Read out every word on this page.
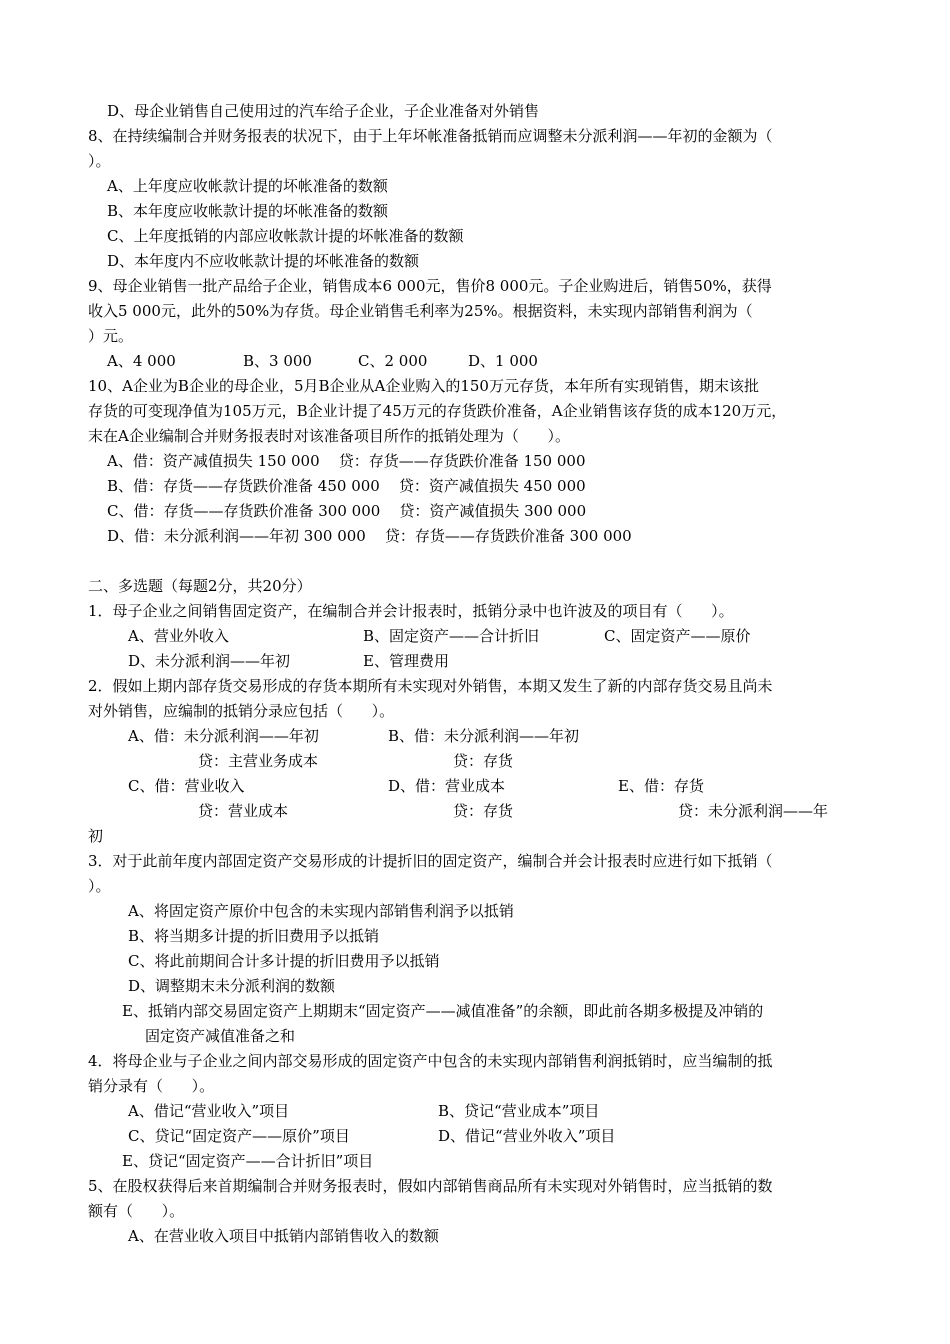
D、母企业销售自己使用过的汽车给子企业，子企业准备对外销售
8、在持续编制合并财务报表的状况下，由于上年坏帐准备抵销而应调整未分派利润——年初的金额为（
）。
A、上年度应收帐款计提的坏帐准备的数额
B、本年度应收帐款计提的坏帐准备的数额
C、上年度抵销的内部应收帐款计提的坏帐准备的数额
D、本年度内不应收帐款计提的坏帐准备的数额
9、母企业销售一批产品给子企业，销售成本6 000元，售价8 000元。子企业购进后，销售50%，获得
收入5 000元，此外的50%为存货。母企业销售毛利率为25%。根据资料，未实现内部销售利润为（
）元。
A、4 000	B、3 000	C、2 000	D、1 000
10、A企业为B企业的母企业，5月B企业从A企业购入的150万元存货，本年所有实现销售，期末该批
存货的可变现净值为105万元，B企业计提了45万元的存货跌价准备，A企业销售该存货的成本120万元，
末在A企业编制合并财务报表时对该准备项目所作的抵销处理为（      ）。
A、借：资产减值损失 150 000    贷：存货——存货跌价准备 150 000
B、借：存货——存货跌价准备 450 000    贷：资产减值损失 450 000
C、借：存货——存货跌价准备 300 000    贷：资产减值损失 300 000
D、借：未分派利润——年初 300 000    贷：存货——存货跌价准备 300 000
二、多选题（每题2分，共20分）
1．母子企业之间销售固定资产，在编制合并会计报表时，抵销分录中也许波及的项目有（      ）。
A、营业外收入	B、固定资产——合计折旧	C、固定资产——原价
D、未分派利润——年初	E、管理费用
2．假如上期内部存货交易形成的存货本期所有未实现对外销售，本期又发生了新的内部存货交易且尚未
对外销售，应编制的抵销分录应包括（      ）。
A、借：未分派利润——年初	B、借：未分派利润——年初
贷：主营业务成本	贷：存货
C、借：营业收入	D、借：营业成本	E、借：存货
贷：营业成本	贷：存货	贷：未分派利润——年
初
3．对于此前年度内部固定资产交易形成的计提折旧的固定资产，编制合并会计报表时应进行如下抵销（
）。
A、将固定资产原价中包含的未实现内部销售利润予以抵销
B、将当期多计提的折旧费用予以抵销
C、将此前期间合计多计提的折旧费用予以抵销
D、调整期末未分派利润的数额
E、抵销内部交易固定资产上期期末“固定资产——减值准备”的余额，即此前各期多极提及冲销的
固定资产减值准备之和
4．将母企业与子企业之间内部交易形成的固定资产中包含的未实现内部销售利润抵销时，应当编制的抵
销分录有（      ）。
A、借记“营业收入”项目	B、贷记“营业成本”项目
C、贷记“固定资产——原价”项目	D、借记“营业外收入”项目
E、贷记“固定资产——合计折旧”项目
5、在股权获得后来首期编制合并财务报表时，假如内部销售商品所有未实现对外销售时，应当抵销的数
额有（      ）。
A、在营业收入项目中抵销内部销售收入的数额
